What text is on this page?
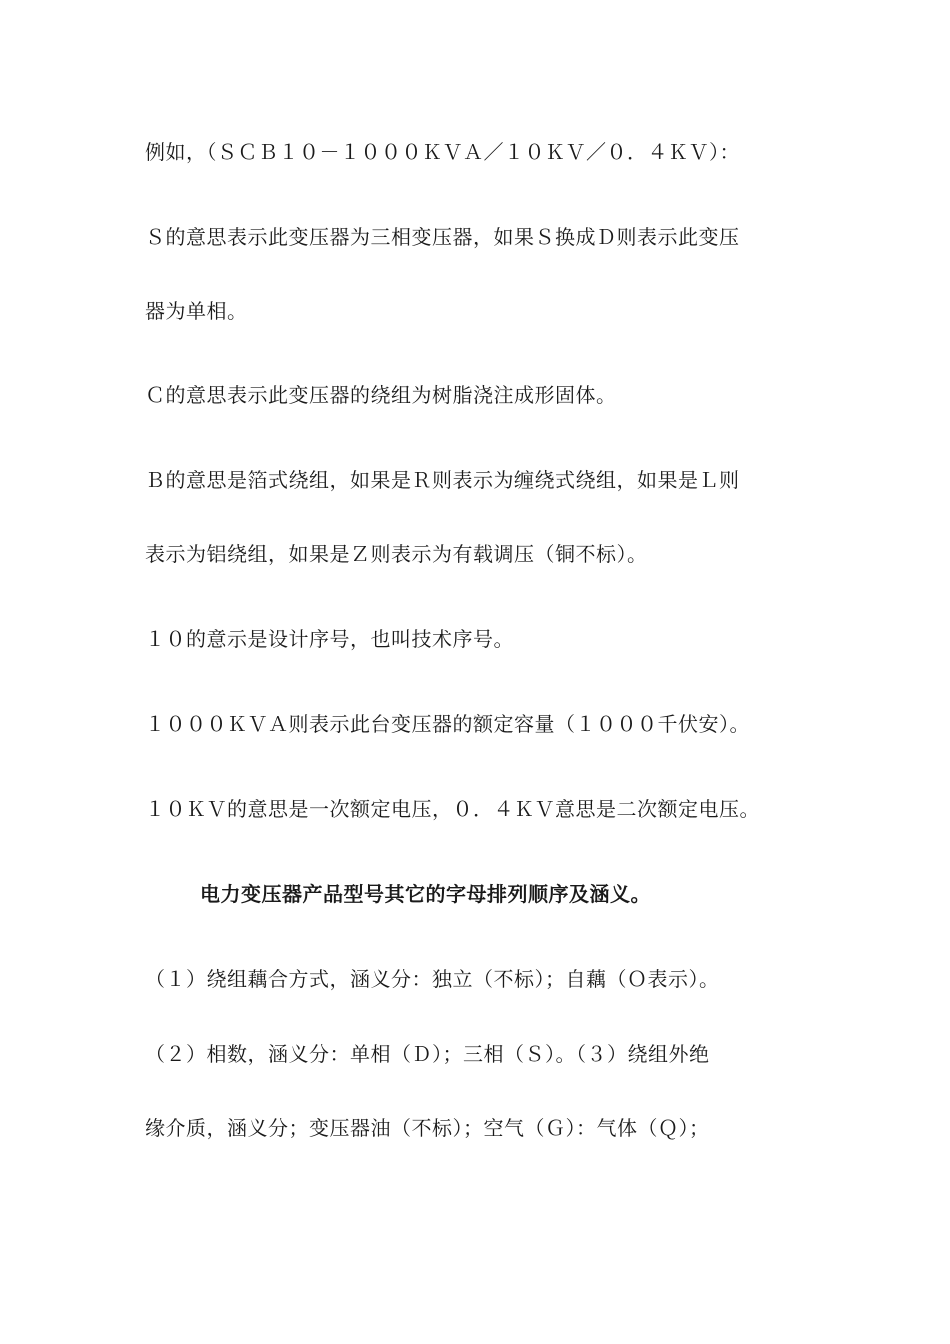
例如，（ＳＣＢ１０－１０００ＫＶＡ／１０ＫＶ／０．４ＫＶ）：
Ｓ的意思表示此变压器为三相变压器，如果Ｓ换成Ｄ则表示此变压
器为单相。
Ｃ的意思表示此变压器的绕组为树脂浇注成形固体。
Ｂ的意思是箔式绕组，如果是Ｒ则表示为缠绕式绕组，如果是Ｌ则
表示为铝绕组，如果是Ｚ则表示为有载调压（铜不标）。
１０的意示是设计序号，也叫技术序号。
１０００ＫＶＡ则表示此台变压器的额定容量（１０００千伏安）。
１０ＫＶ的意思是一次额定电压，０．４ＫＶ意思是二次额定电压。
电力变压器产品型号其它的字母排列顺序及涵义。
（１）绕组藕合方式，涵义分：独立（不标）；自藕（Ｏ表示）。
（２）相数，涵义分：单相（Ｄ）；三相（Ｓ）。（３）绕组外绝
缘介质，涵义分；变压器油（不标）；空气（Ｇ）：气体（Ｑ）；
